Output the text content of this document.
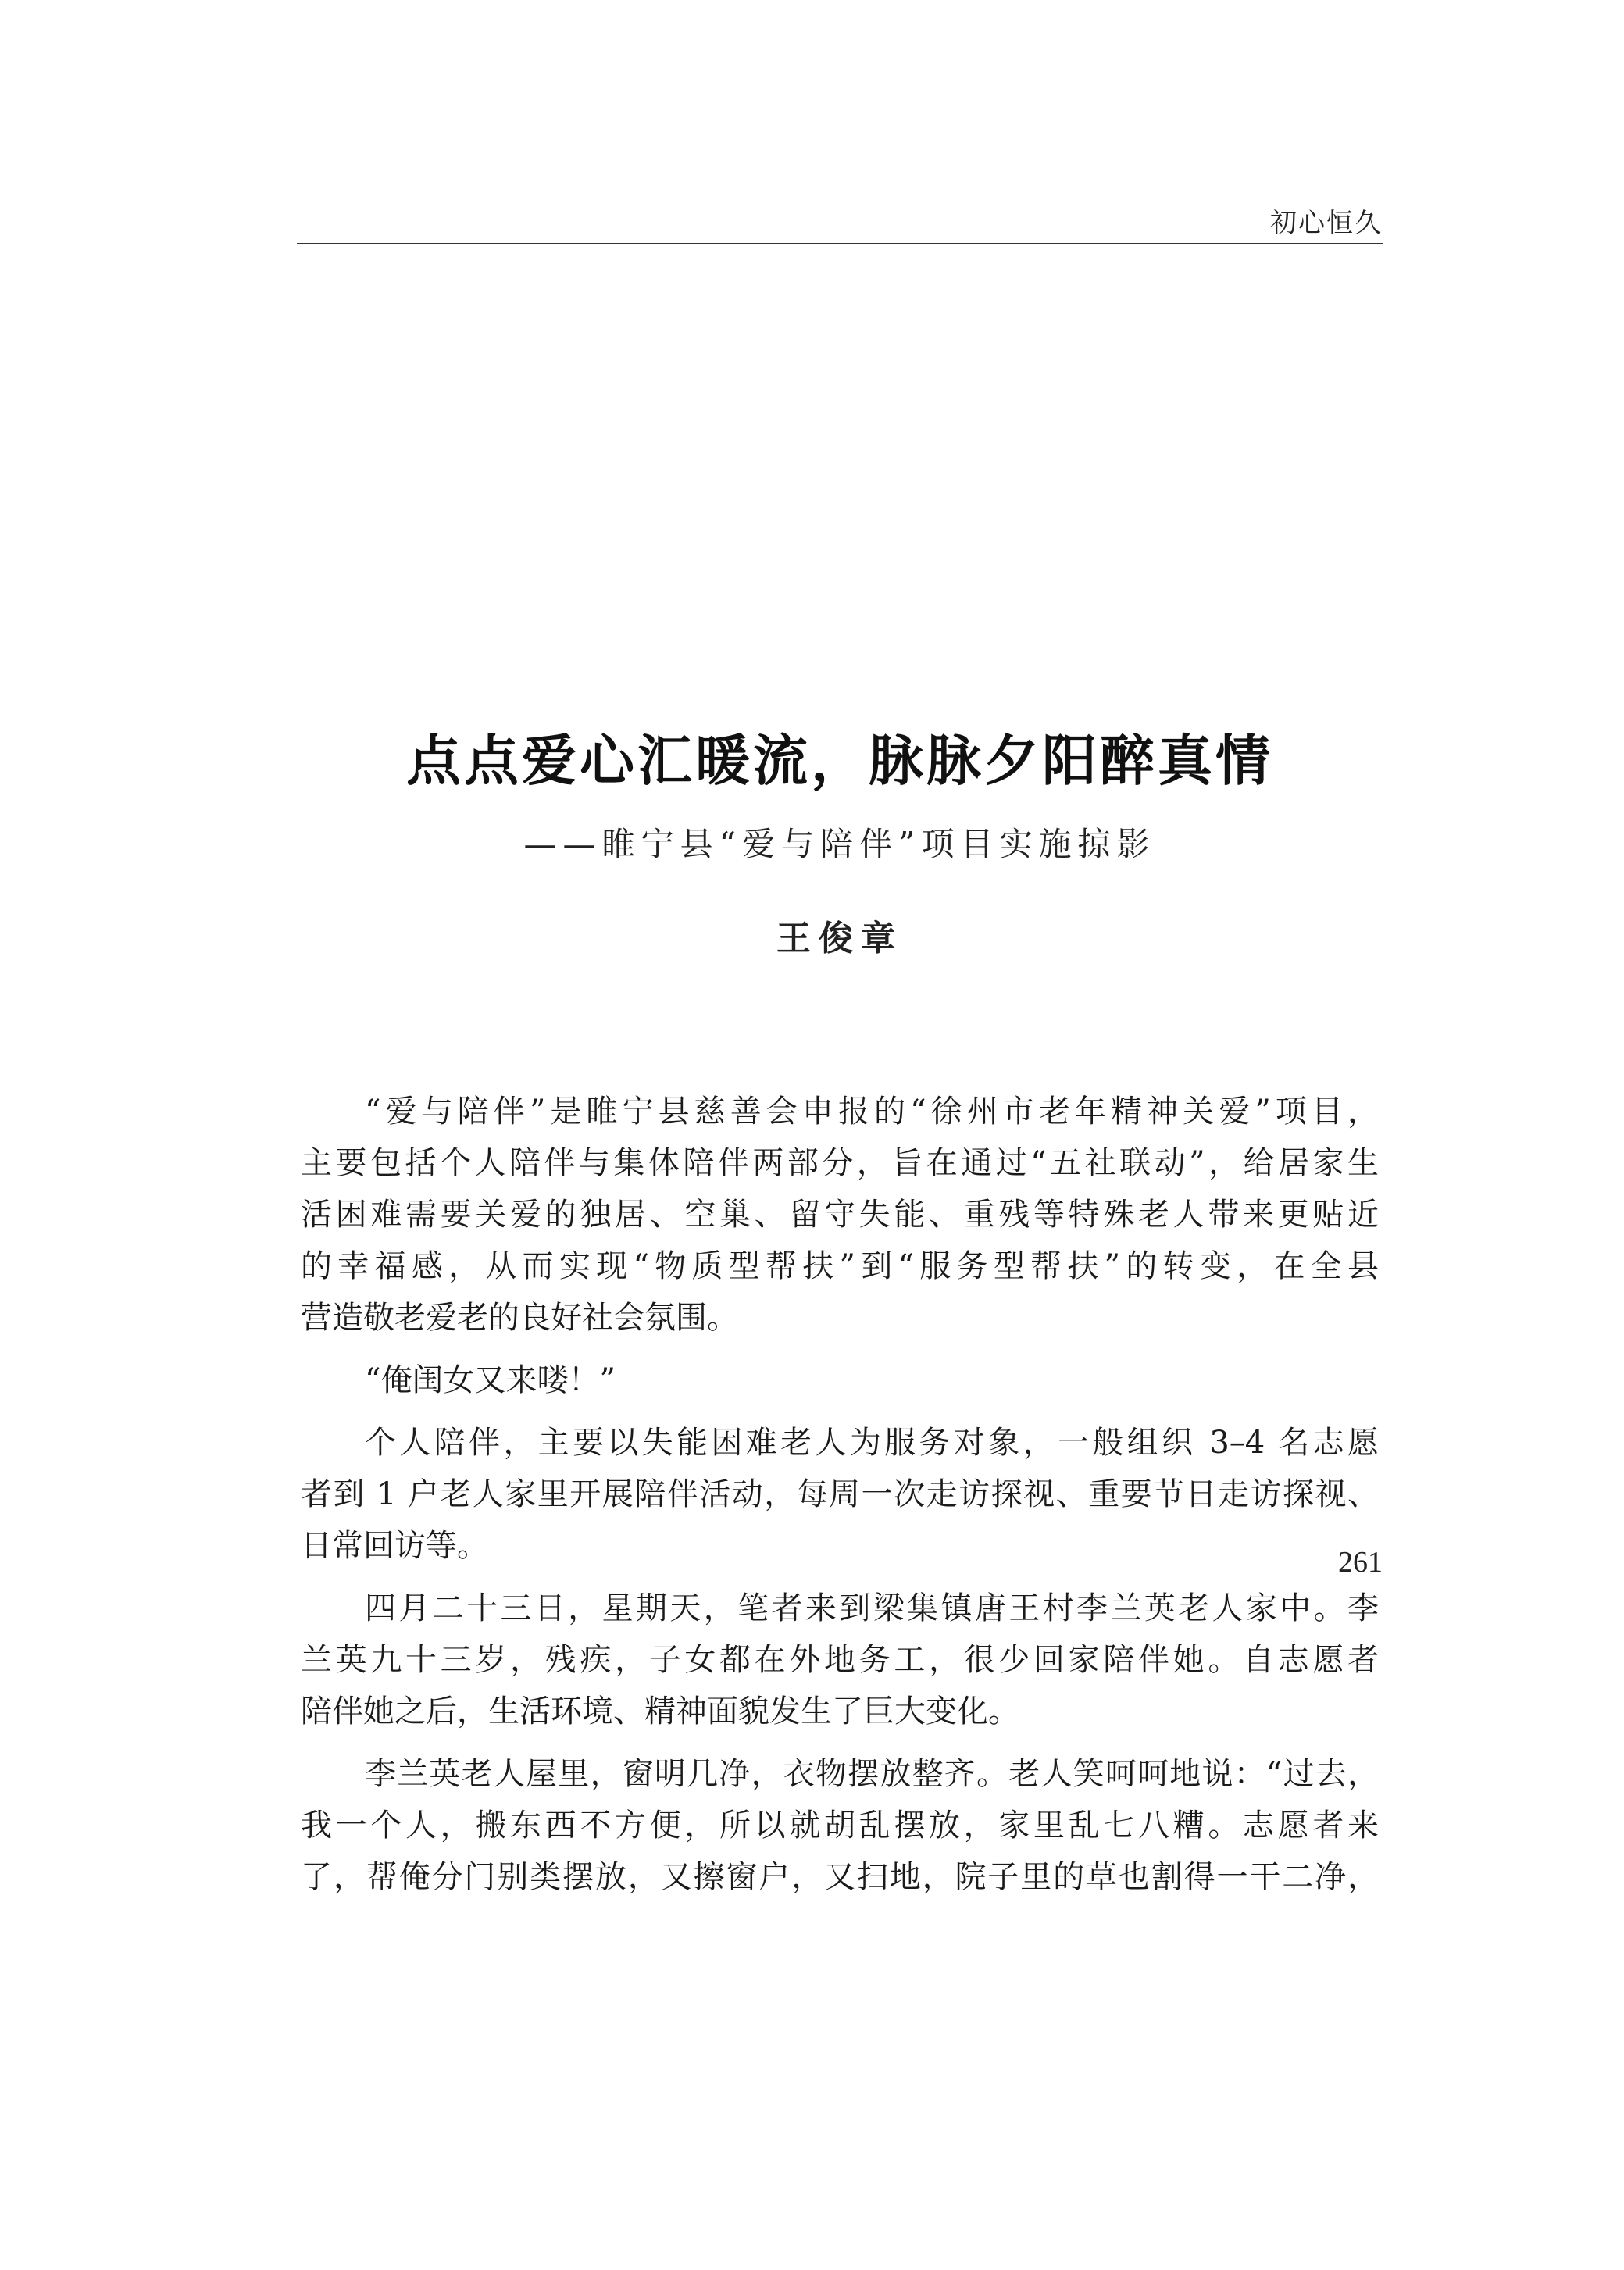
初心恒久
点点爱心汇暖流，脉脉夕阳醉真情
——睢宁县“爱与陪伴”项目实施掠影
王俊章
“爱与陪伴”是睢宁县慈善会申报的“徐州市老年精神关爱”项目，
主要包括个人陪伴与集体陪伴两部分，旨在通过“五社联动”，给居家生
活困难需要关爱的独居、空巢、留守失能、重残等特殊老人带来更贴近
的幸福感，从而实现“物质型帮扶”到“服务型帮扶”的转变，在全县
营造敬老爱老的良好社会氛围。
“俺闺女又来喽！”
个人陪伴，主要以失能困难老人为服务对象，一般组织 3–4 名志愿
者到 1 户老人家里开展陪伴活动，每周一次走访探视、重要节日走访探视、
日常回访等。
四月二十三日，星期天，笔者来到梁集镇唐王村李兰英老人家中。李
兰英九十三岁，残疾，子女都在外地务工，很少回家陪伴她。自志愿者
陪伴她之后，生活环境、精神面貌发生了巨大变化。
李兰英老人屋里，窗明几净，衣物摆放整齐。老人笑呵呵地说：“过去，
我一个人，搬东西不方便，所以就胡乱摆放，家里乱七八糟。志愿者来
了，帮俺分门别类摆放，又擦窗户，又扫地，院子里的草也割得一干二净，
261
